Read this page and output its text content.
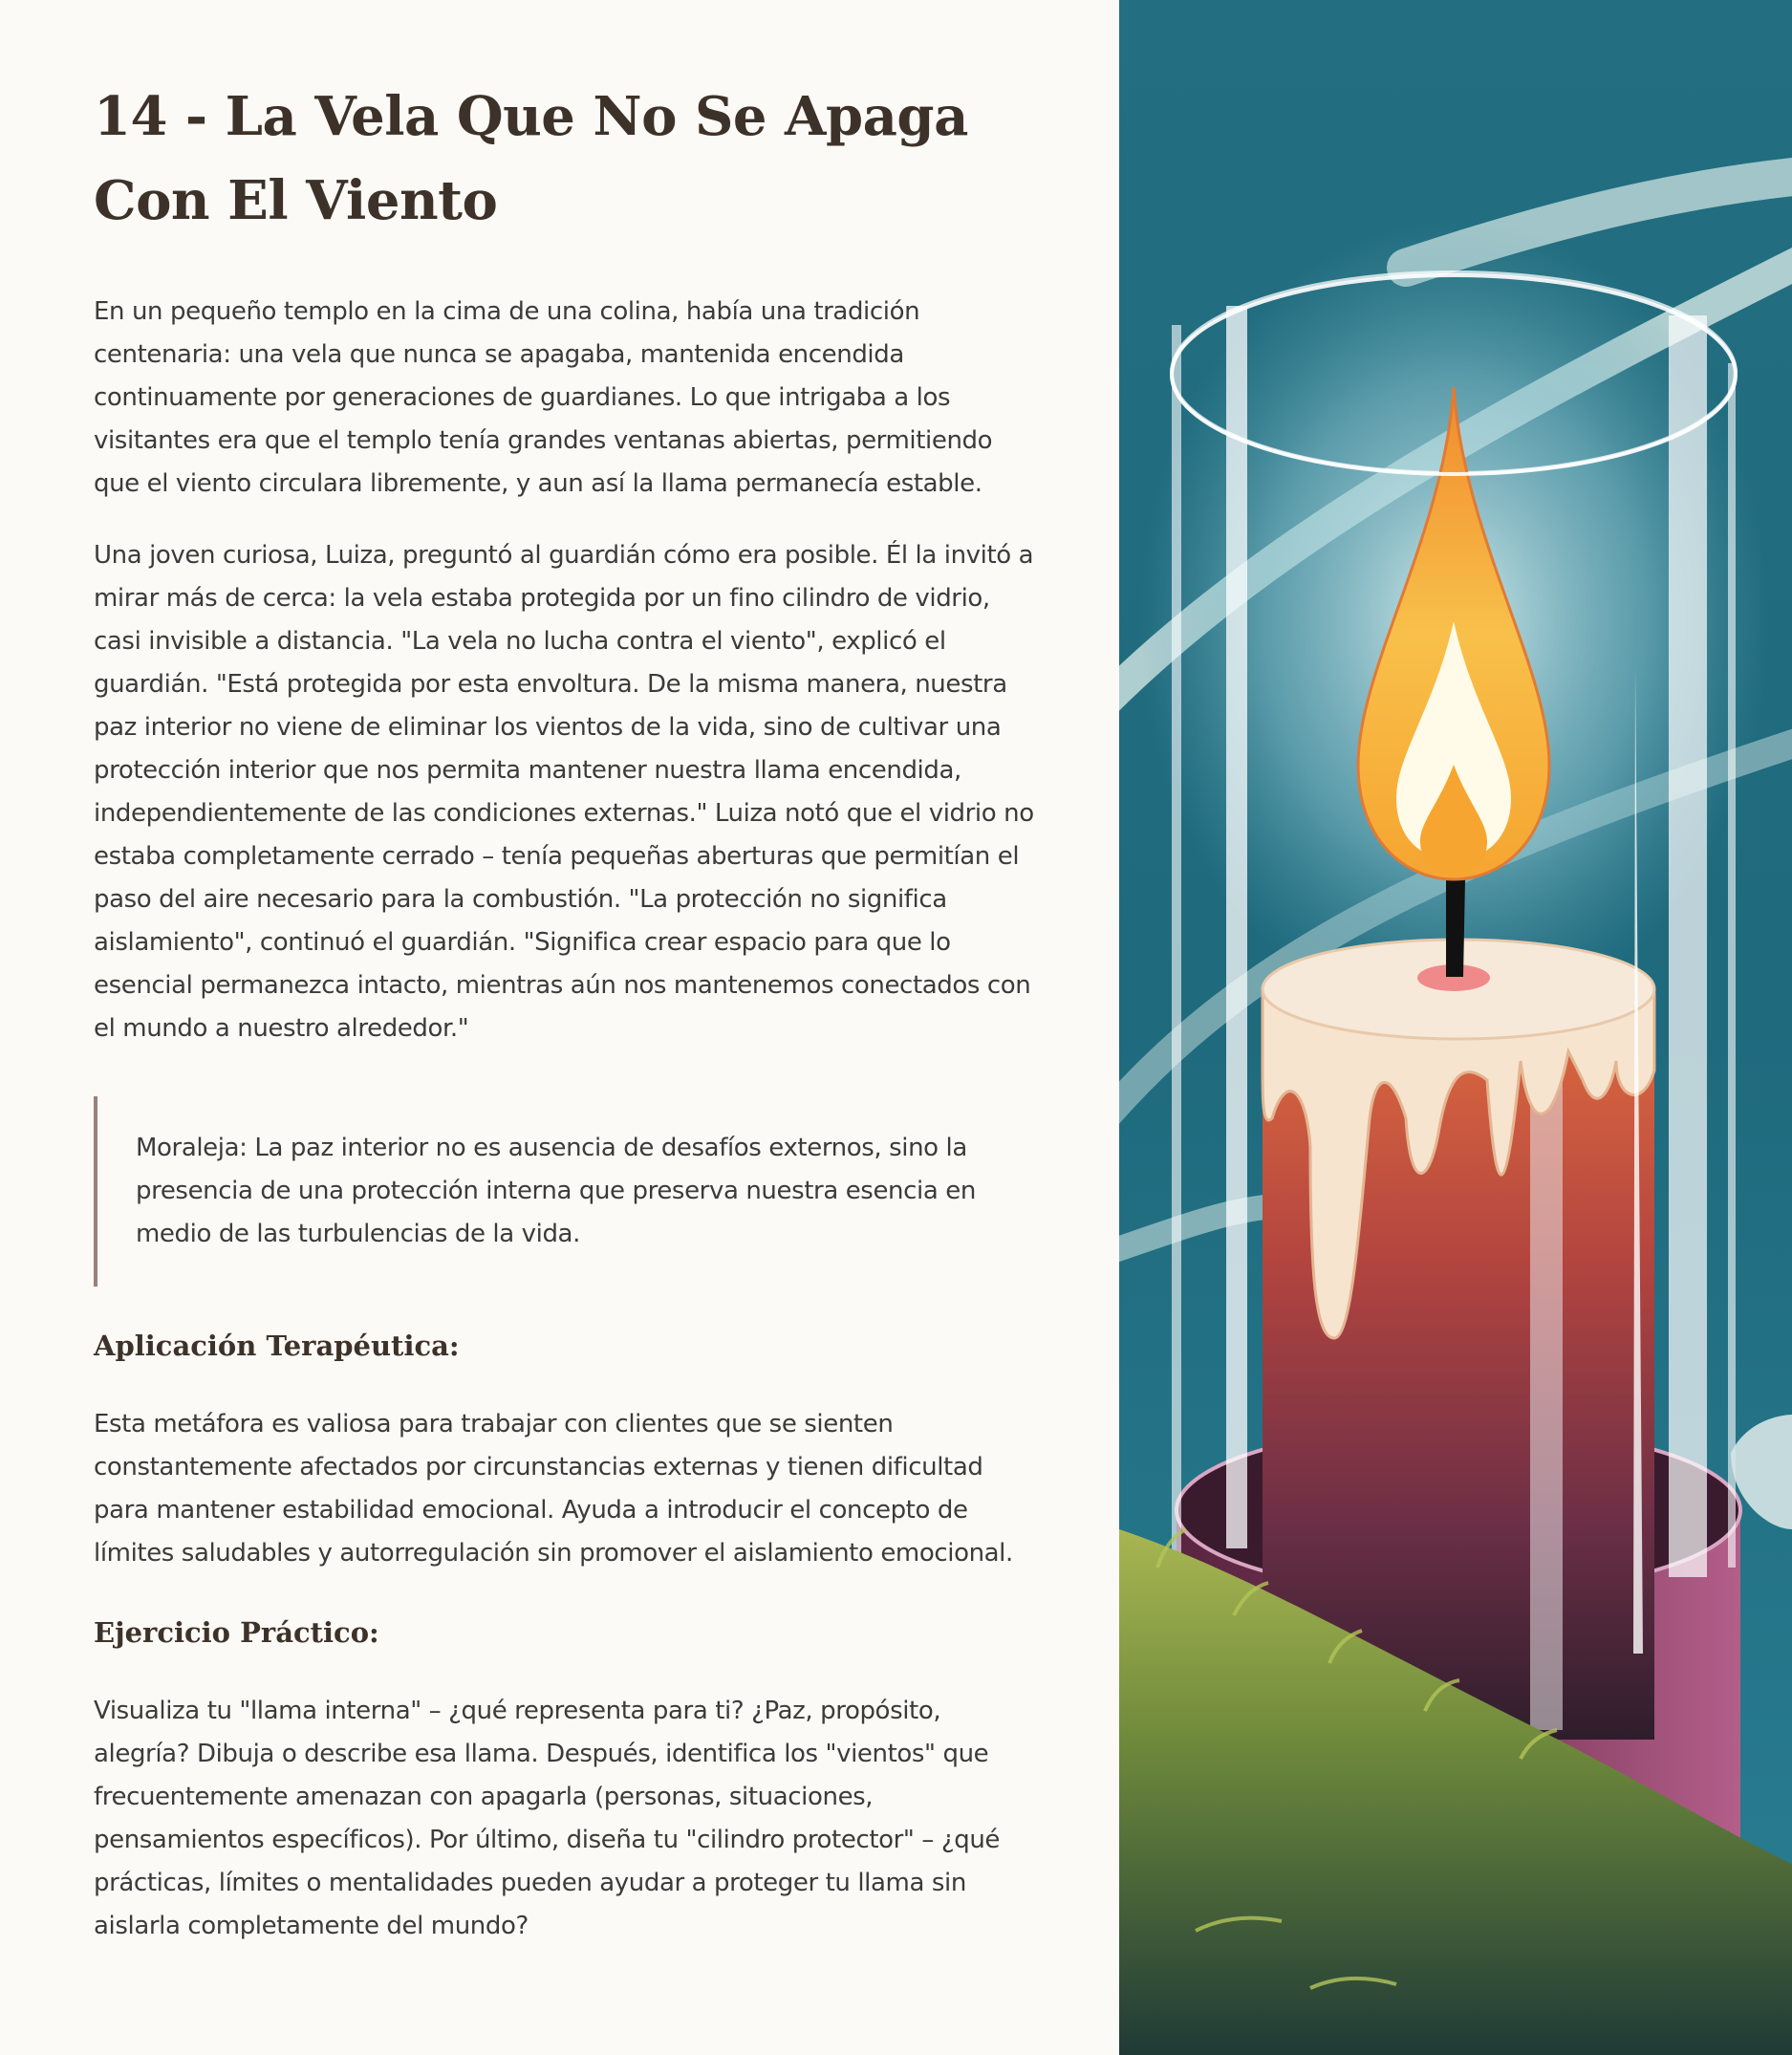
14 - La Vela Que No Se Apaga Con El Viento

En un pequeño templo en la cima de una colina, había una tradición centenaria: una vela que nunca se apagaba, mantenida encendida continuamente por generaciones de guardianes. Lo que intrigaba a los visitantes era que el templo tenía grandes ventanas abiertas, permitiendo que el viento circulara libremente, y aun así la llama permanecía estable.

Una joven curiosa, Luiza, preguntó al guardián cómo era posible. Él la invitó a mirar más de cerca: la vela estaba protegida por un fino cilindro de vidrio, casi invisible a distancia. "La vela no lucha contra el viento", explicó el guardián. "Está protegida por esta envoltura. De la misma manera, nuestra paz interior no viene de eliminar los vientos de la vida, sino de cultivar una protección interior que nos permita mantener nuestra llama encendida, independientemente de las condiciones externas." Luiza notó que el vidrio no estaba completamente cerrado – tenía pequeñas aberturas que permitían el paso del aire necesario para la combustión. "La protección no significa aislamiento", continuó el guardián. "Significa crear espacio para que lo esencial permanezca intacto, mientras aún nos mantenemos conectados con el mundo a nuestro alrededor."

Moraleja: La paz interior no es ausencia de desafíos externos, sino la presencia de una protección interna que preserva nuestra esencia en medio de las turbulencias de la vida.

Aplicación Terapéutica:

Esta metáfora es valiosa para trabajar con clientes que se sienten constantemente afectados por circunstancias externas y tienen dificultad para mantener estabilidad emocional. Ayuda a introducir el concepto de límites saludables y autorregulación sin promover el aislamiento emocional.

Ejercicio Práctico:

Visualiza tu "llama interna" – ¿qué representa para ti? ¿Paz, propósito, alegría? Dibuja o describe esa llama. Después, identifica los "vientos" que frecuentemente amenazan con apagarla (personas, situaciones, pensamientos específicos). Por último, diseña tu "cilindro protector" – ¿qué prácticas, límites o mentalidades pueden ayudar a proteger tu llama sin aislarla completamente del mundo?
